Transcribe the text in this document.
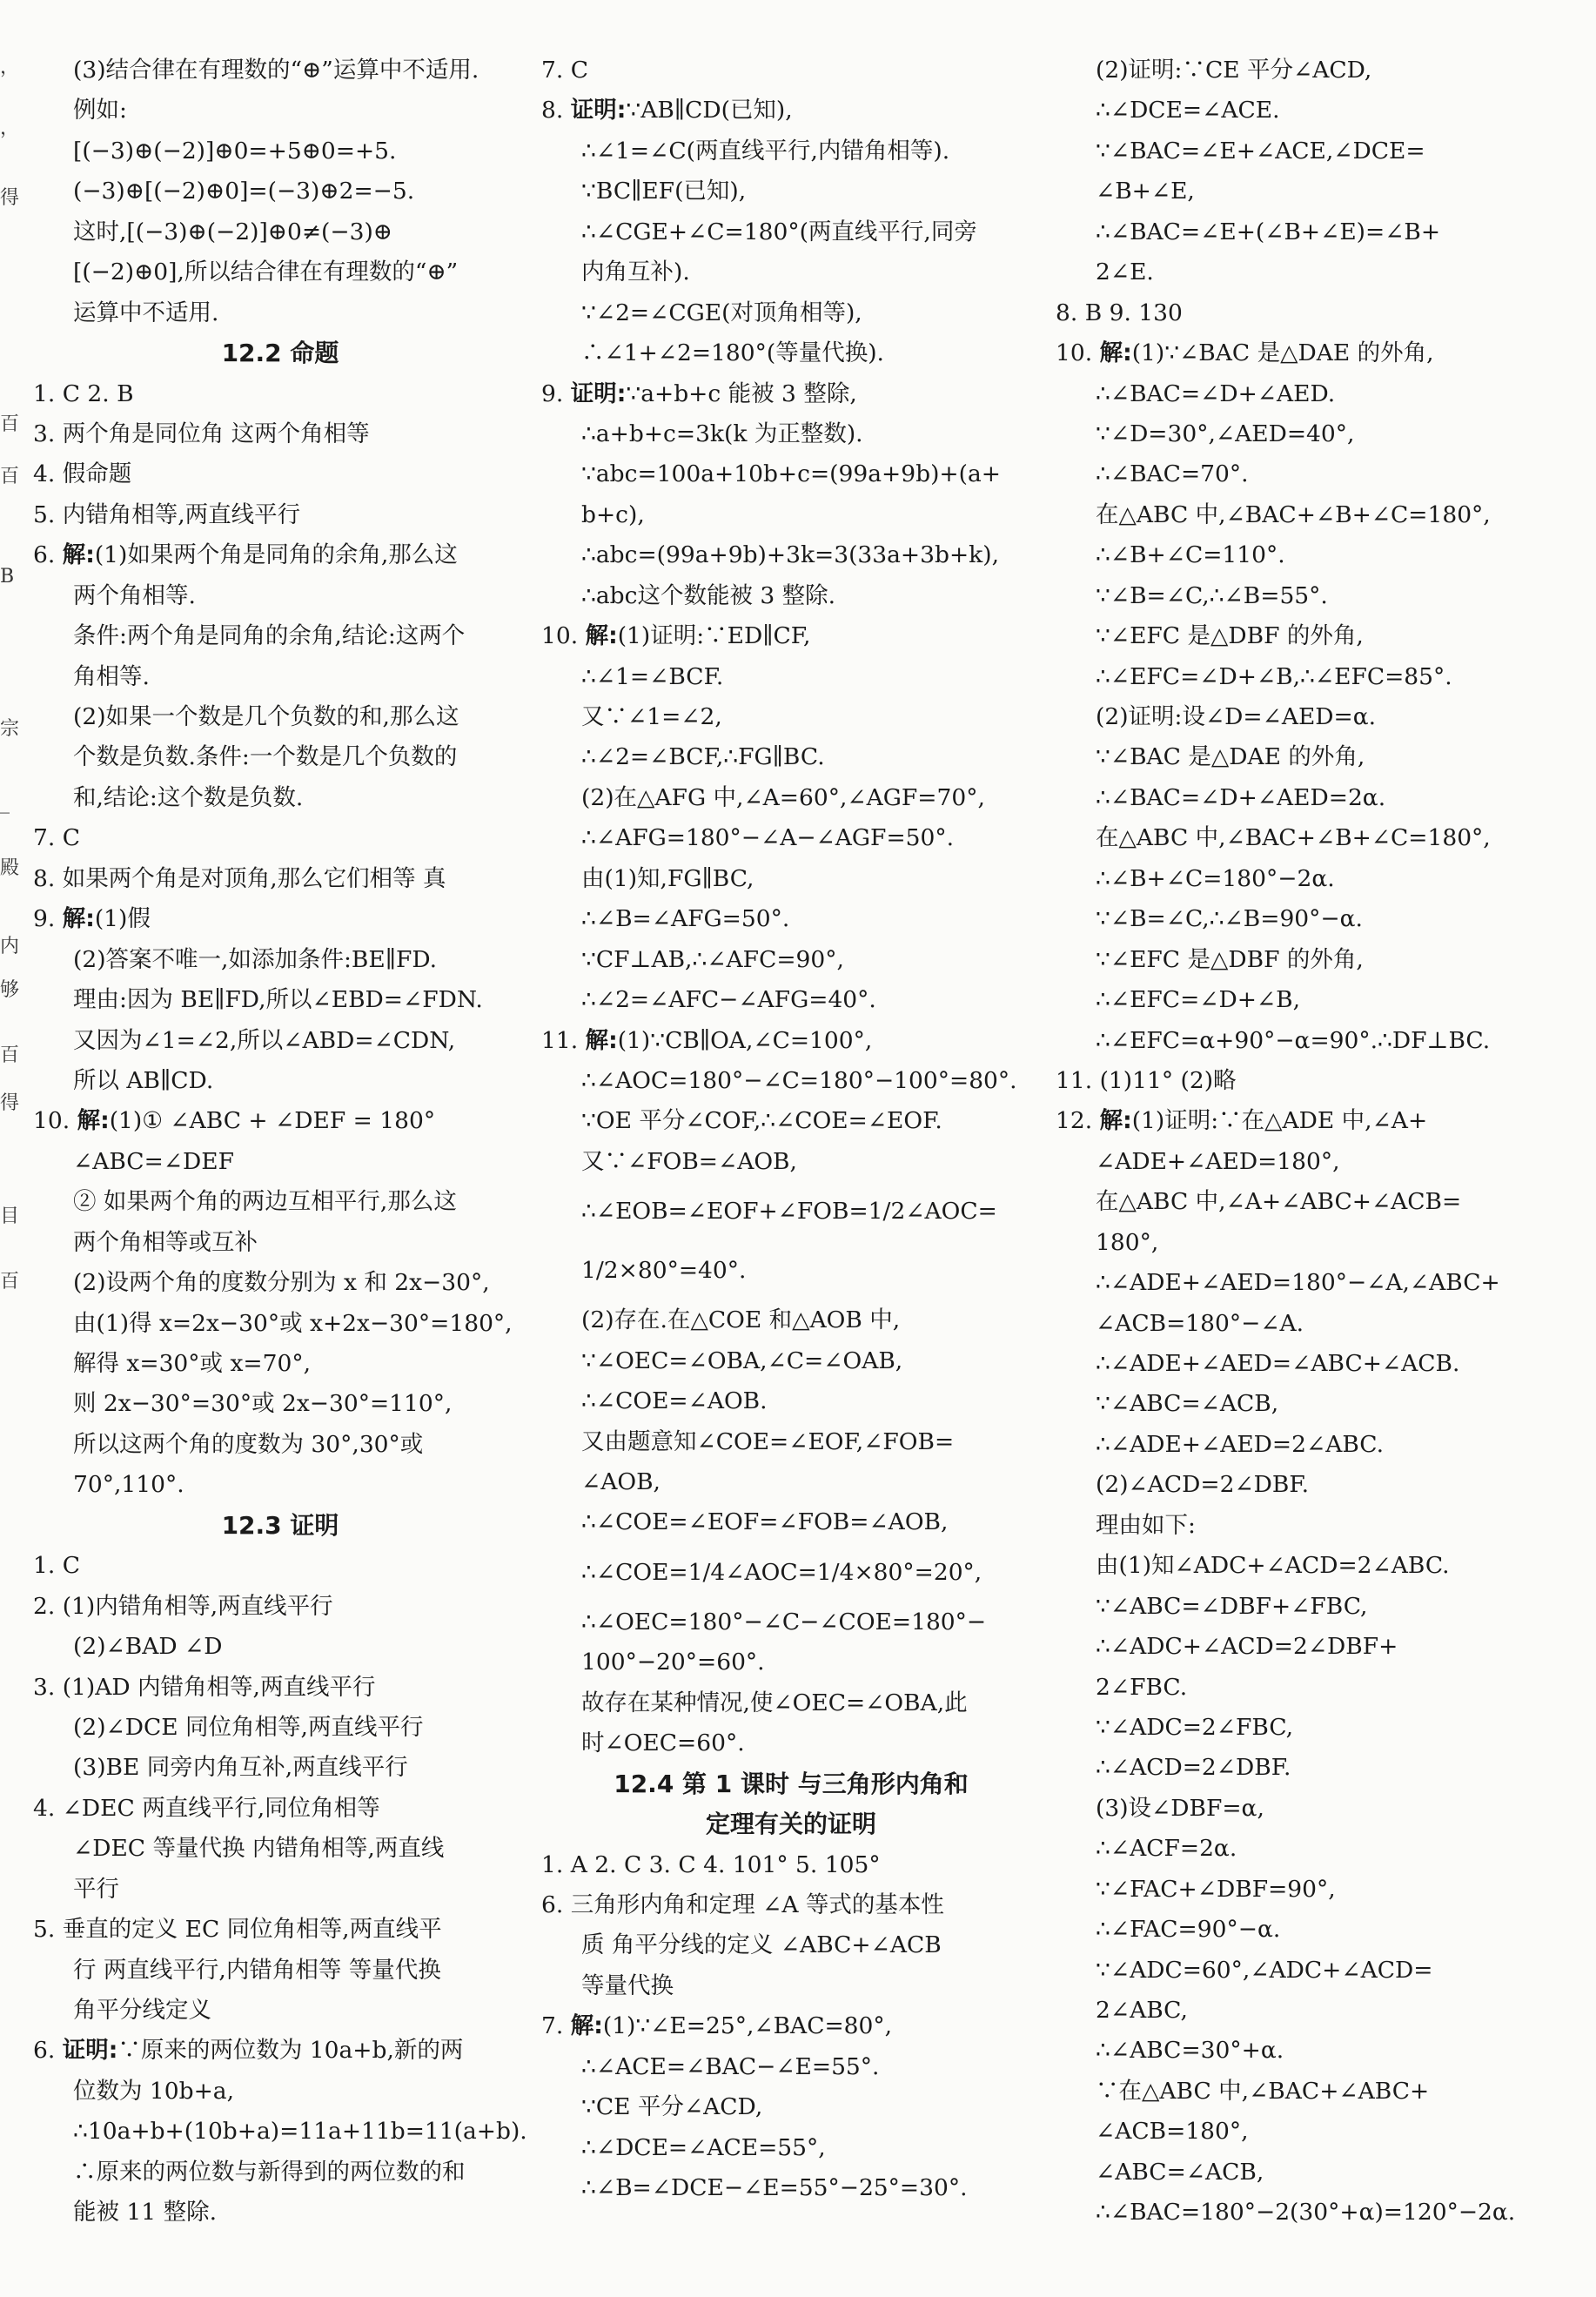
，
，
得
百
百
B
宗
_
殿
内
够
百
得
目
百
(3)结合律在有理数的“⊕”运算中不适用.
例如:
[(−3)⊕(−2)]⊕0=+5⊕0=+5.
(−3)⊕[(−2)⊕0]=(−3)⊕2=−5.
这时,[(−3)⊕(−2)]⊕0≠(−3)⊕
[(−2)⊕0],所以结合律在有理数的“⊕”
运算中不适用.
12.2 命题
1. C 2. B
3. 两个角是同位角 这两个角相等
4. 假命题
5. 内错角相等,两直线平行
6. 解:(1)如果两个角是同角的余角,那么这
两个角相等.
条件:两个角是同角的余角,结论:这两个
角相等.
(2)如果一个数是几个负数的和,那么这
个数是负数.条件:一个数是几个负数的
和,结论:这个数是负数.
7. C
8. 如果两个角是对顶角,那么它们相等 真
9. 解:(1)假
(2)答案不唯一,如添加条件:BE∥FD.
理由:因为 BE∥FD,所以∠EBD=∠FDN.
又因为∠1=∠2,所以∠ABD=∠CDN,
所以 AB∥CD.
10. 解:(1)① ∠ABC + ∠DEF = 180°
∠ABC=∠DEF
② 如果两个角的两边互相平行,那么这
两个角相等或互补
(2)设两个角的度数分别为 x 和 2x−30°,
由(1)得 x=2x−30°或 x+2x−30°=180°,
解得 x=30°或 x=70°,
则 2x−30°=30°或 2x−30°=110°,
所以这两个角的度数为 30°,30°或
70°,110°.
12.3 证明
1. C
2. (1)内错角相等,两直线平行
(2)∠BAD ∠D
3. (1)AD 内错角相等,两直线平行
(2)∠DCE 同位角相等,两直线平行
(3)BE 同旁内角互补,两直线平行
4. ∠DEC 两直线平行,同位角相等
∠DEC 等量代换 内错角相等,两直线
平行
5. 垂直的定义 EC 同位角相等,两直线平
行 两直线平行,内错角相等 等量代换
角平分线定义
6. 证明:∵原来的两位数为 10a+b,新的两
位数为 10b+a,
∴10a+b+(10b+a)=11a+11b=11(a+b).
∴原来的两位数与新得到的两位数的和
能被 11 整除.
7. C
8. 证明:∵AB∥CD(已知),
∴∠1=∠C(两直线平行,内错角相等).
∵BC∥EF(已知),
∴∠CGE+∠C=180°(两直线平行,同旁
内角互补).
∵∠2=∠CGE(对顶角相等),
∴∠1+∠2=180°(等量代换).
9. 证明:∵a+b+c 能被 3 整除,
∴a+b+c=3k(k 为正整数).
∵abc=100a+10b+c=(99a+9b)+(a+
b+c),
∴abc=(99a+9b)+3k=3(33a+3b+k),
∴abc这个数能被 3 整除.
10. 解:(1)证明:∵ED∥CF,
∴∠1=∠BCF.
又∵∠1=∠2,
∴∠2=∠BCF,∴FG∥BC.
(2)在△AFG 中,∠A=60°,∠AGF=70°,
∴∠AFG=180°−∠A−∠AGF=50°.
由(1)知,FG∥BC,
∴∠B=∠AFG=50°.
∵CF⊥AB,∴∠AFC=90°,
∴∠2=∠AFC−∠AFG=40°.
11. 解:(1)∵CB∥OA,∠C=100°,
∴∠AOC=180°−∠C=180°−100°=80°.
∵OE 平分∠COF,∴∠COE=∠EOF.
又∵∠FOB=∠AOB,
∴∠EOB=∠EOF+∠FOB=1/2∠AOC=
1/2×80°=40°.
(2)存在.在△COE 和△AOB 中,
∵∠OEC=∠OBA,∠C=∠OAB,
∴∠COE=∠AOB.
又由题意知∠COE=∠EOF,∠FOB=
∠AOB,
∴∠COE=∠EOF=∠FOB=∠AOB,
∴∠COE=1/4∠AOC=1/4×80°=20°,
∴∠OEC=180°−∠C−∠COE=180°−
100°−20°=60°.
故存在某种情况,使∠OEC=∠OBA,此
时∠OEC=60°.
12.4 第 1 课时 与三角形内角和
定理有关的证明
1. A 2. C 3. C 4. 101° 5. 105°
6. 三角形内角和定理 ∠A 等式的基本性
质 角平分线的定义 ∠ABC+∠ACB
等量代换
7. 解:(1)∵∠E=25°,∠BAC=80°,
∴∠ACE=∠BAC−∠E=55°.
∵CE 平分∠ACD,
∴∠DCE=∠ACE=55°,
∴∠B=∠DCE−∠E=55°−25°=30°.
(2)证明:∵CE 平分∠ACD,
∴∠DCE=∠ACE.
∵∠BAC=∠E+∠ACE,∠DCE=
∠B+∠E,
∴∠BAC=∠E+(∠B+∠E)=∠B+
2∠E.
8. B 9. 130
10. 解:(1)∵∠BAC 是△DAE 的外角,
∴∠BAC=∠D+∠AED.
∵∠D=30°,∠AED=40°,
∴∠BAC=70°.
在△ABC 中,∠BAC+∠B+∠C=180°,
∴∠B+∠C=110°.
∵∠B=∠C,∴∠B=55°.
∵∠EFC 是△DBF 的外角,
∴∠EFC=∠D+∠B,∴∠EFC=85°.
(2)证明:设∠D=∠AED=α.
∵∠BAC 是△DAE 的外角,
∴∠BAC=∠D+∠AED=2α.
在△ABC 中,∠BAC+∠B+∠C=180°,
∴∠B+∠C=180°−2α.
∵∠B=∠C,∴∠B=90°−α.
∵∠EFC 是△DBF 的外角,
∴∠EFC=∠D+∠B,
∴∠EFC=α+90°−α=90°.∴DF⊥BC.
11. (1)11° (2)略
12. 解:(1)证明:∵在△ADE 中,∠A+
∠ADE+∠AED=180°,
在△ABC 中,∠A+∠ABC+∠ACB=
180°,
∴∠ADE+∠AED=180°−∠A,∠ABC+
∠ACB=180°−∠A.
∴∠ADE+∠AED=∠ABC+∠ACB.
∵∠ABC=∠ACB,
∴∠ADE+∠AED=2∠ABC.
(2)∠ACD=2∠DBF.
理由如下:
由(1)知∠ADC+∠ACD=2∠ABC.
∵∠ABC=∠DBF+∠FBC,
∴∠ADC+∠ACD=2∠DBF+
2∠FBC.
∵∠ADC=2∠FBC,
∴∠ACD=2∠DBF.
(3)设∠DBF=α,
∴∠ACF=2α.
∵∠FAC+∠DBF=90°,
∴∠FAC=90°−α.
∵∠ADC=60°,∠ADC+∠ACD=
2∠ABC,
∴∠ABC=30°+α.
∵在△ABC 中,∠BAC+∠ABC+
∠ACB=180°,
∠ABC=∠ACB,
∴∠BAC=180°−2(30°+α)=120°−2α.
